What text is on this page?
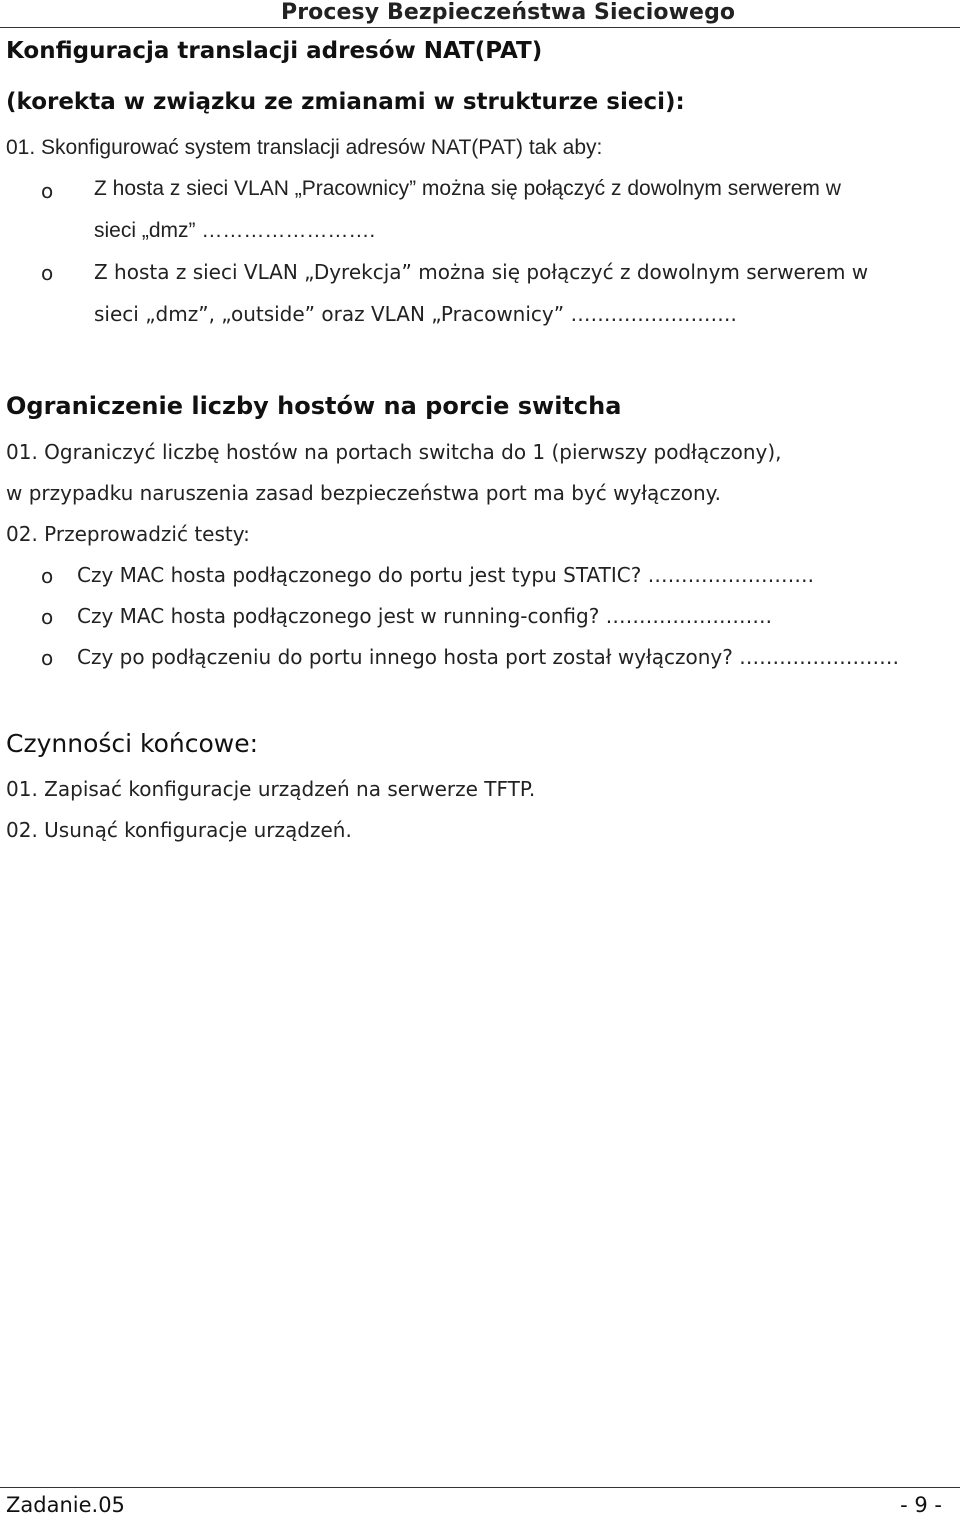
Procesy Bezpieczeństwa Sieciowego
Konfiguracja translacji adresów NAT(PAT)
(korekta w związku ze zmianami w strukturze sieci):
01. Skonfigurować system translacji adresów NAT(PAT) tak aby:
o Z hosta z sieci VLAN „Pracownicy” można się połączyć z dowolnym serwerem w
sieci „dmz” …………………….
o Z hosta z sieci VLAN „Dyrekcja” można się połączyć z dowolnym serwerem w
sieci „dmz”, „outside” oraz VLAN „Pracownicy” …………………….
Ograniczenie liczby hostów na porcie switcha
01. Ograniczyć liczbę hostów na portach switcha do 1 (pierwszy podłączony),
w przypadku naruszenia zasad bezpieczeństwa port ma być wyłączony.
02. Przeprowadzić testy:
o Czy MAC hosta podłączonego do portu jest typu STATIC? …………………….
o Czy MAC hosta podłączonego jest w running-config? …………………….
o Czy po podłączeniu do portu innego hosta port został wyłączony? ……………………
Czynności końcowe:
01. Zapisać konfiguracje urządzeń na serwerze TFTP.
02. Usunąć konfiguracje urządzeń.
Zadanie.05	- 9 -
